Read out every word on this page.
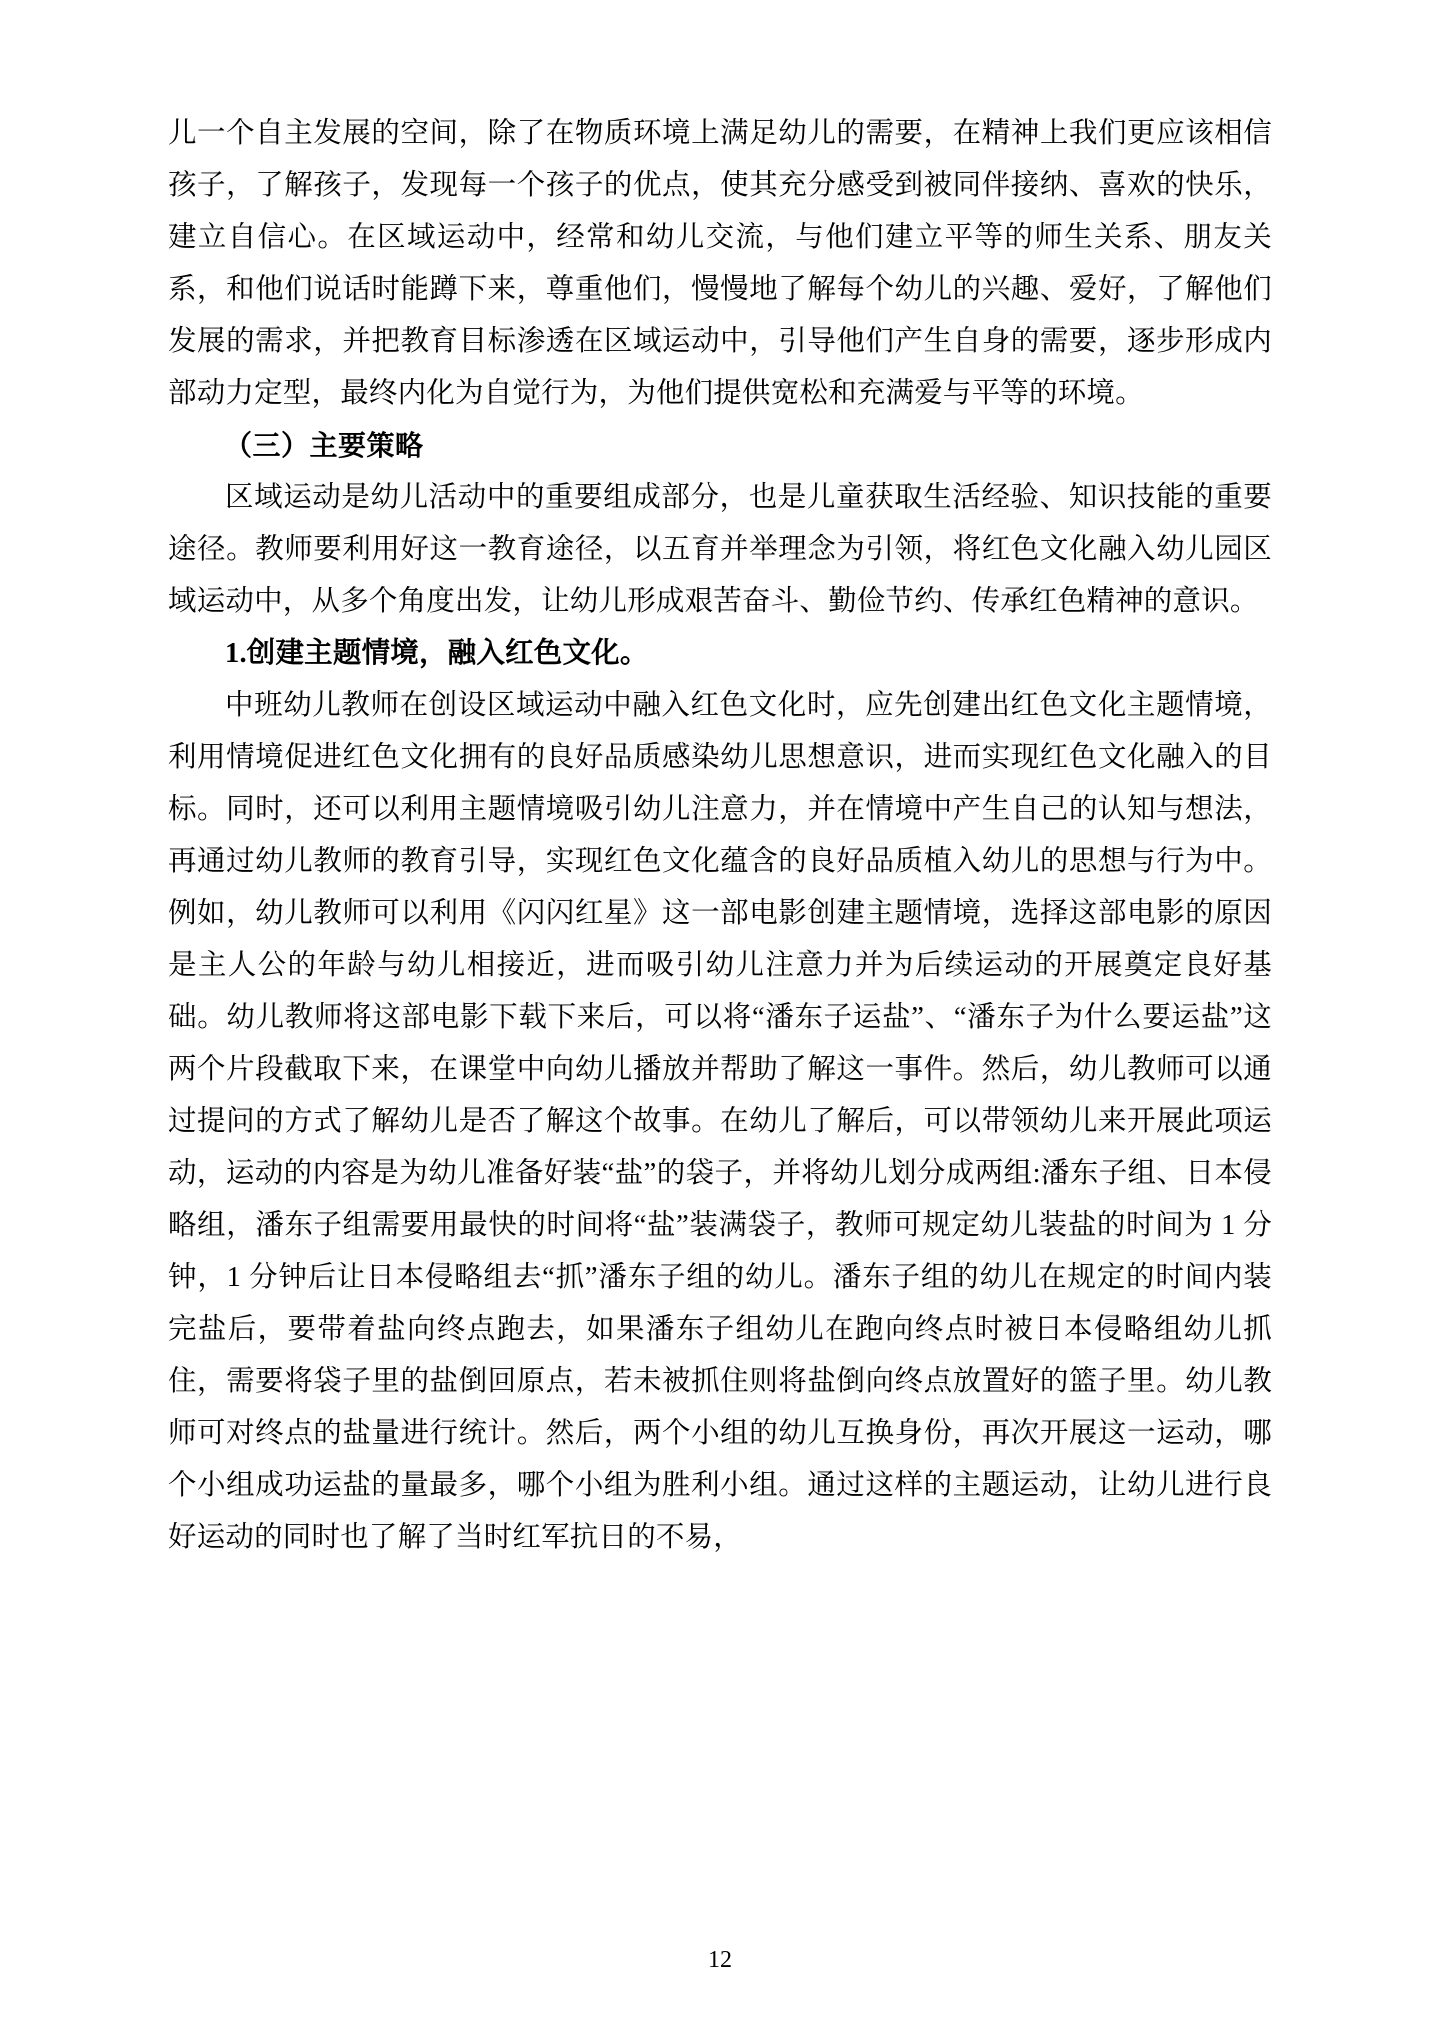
儿一个自主发展的空间，除了在物质环境上满足幼儿的需要，在精神上我们更应该相信孩子，了解孩子，发现每一个孩子的优点，使其充分感受到被同伴接纳、喜欢的快乐，建立自信心。在区域运动中，经常和幼儿交流，与他们建立平等的师生关系、朋友关系，和他们说话时能蹲下来，尊重他们，慢慢地了解每个幼儿的兴趣、爱好，了解他们发展的需求，并把教育目标渗透在区域运动中，引导他们产生自身的需要，逐步形成内部动力定型，最终内化为自觉行为，为他们提供宽松和充满爱与平等的环境。

（三）主要策略

区域运动是幼儿活动中的重要组成部分，也是儿童获取生活经验、知识技能的重要途径。教师要利用好这一教育途径，以五育并举理念为引领，将红色文化融入幼儿园区域运动中，从多个角度出发，让幼儿形成艰苦奋斗、勤俭节约、传承红色精神的意识。

1.创建主题情境，融入红色文化。

中班幼儿教师在创设区域运动中融入红色文化时，应先创建出红色文化主题情境，利用情境促进红色文化拥有的良好品质感染幼儿思想意识，进而实现红色文化融入的目标。同时，还可以利用主题情境吸引幼儿注意力，并在情境中产生自己的认知与想法，再通过幼儿教师的教育引导，实现红色文化蕴含的良好品质植入幼儿的思想与行为中。例如，幼儿教师可以利用《闪闪红星》这一部电影创建主题情境，选择这部电影的原因是主人公的年龄与幼儿相接近，进而吸引幼儿注意力并为后续运动的开展奠定良好基础。幼儿教师将这部电影下载下来后，可以将“潘东子运盐”、“潘东子为什么要运盐”这两个片段截取下来，在课堂中向幼儿播放并帮助了解这一事件。然后，幼儿教师可以通过提问的方式了解幼儿是否了解这个故事。在幼儿了解后，可以带领幼儿来开展此项运动，运动的内容是为幼儿准备好装“盐”的袋子，并将幼儿划分成两组:潘东子组、日本侵略组，潘东子组需要用最快的时间将“盐”装满袋子，教师可规定幼儿装盐的时间为 1 分钟，1 分钟后让日本侵略组去“抓”潘东子组的幼儿。潘东子组的幼儿在规定的时间内装完盐后，要带着盐向终点跑去，如果潘东子组幼儿在跑向终点时被日本侵略组幼儿抓住，需要将袋子里的盐倒回原点，若未被抓住则将盐倒向终点放置好的篮子里。幼儿教师可对终点的盐量进行统计。然后，两个小组的幼儿互换身份，再次开展这一运动，哪个小组成功运盐的量最多，哪个小组为胜利小组。通过这样的主题运动，让幼儿进行良好运动的同时也了解了当时红军抗日的不易，

12
